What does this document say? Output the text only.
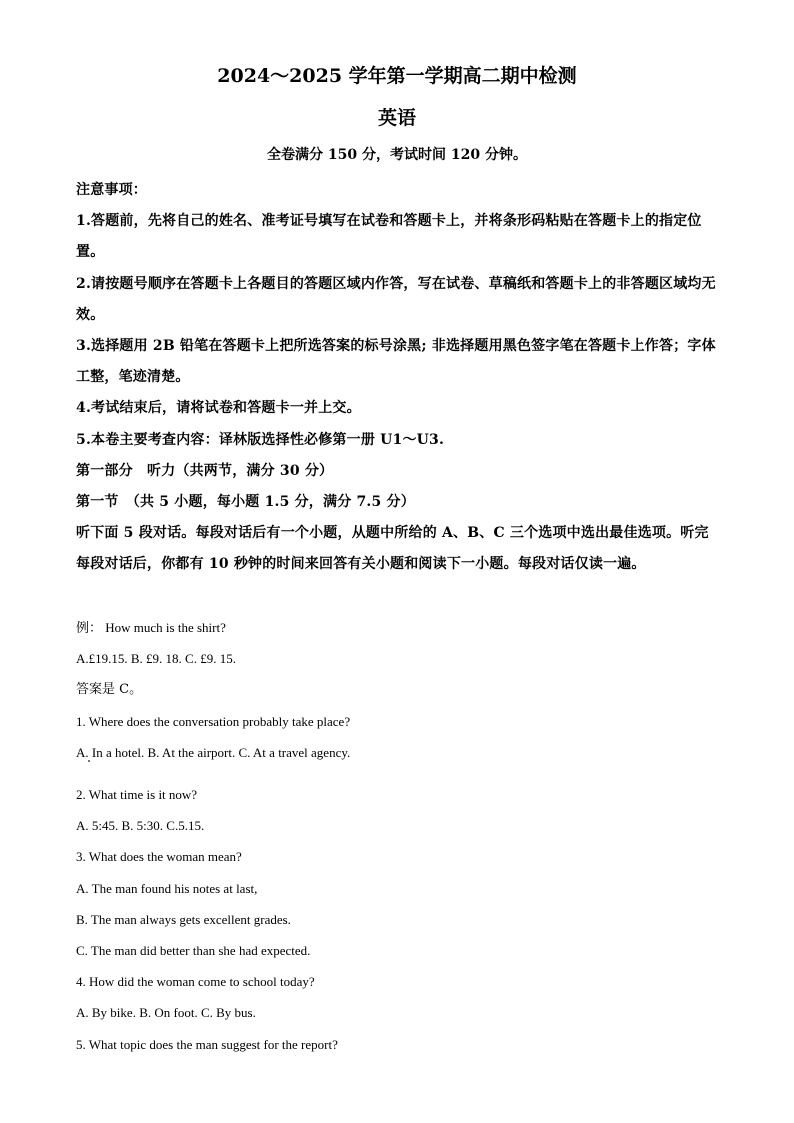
2024～2025 学年第一学期高二期中检测
英语
全卷满分 150 分，考试时间 120 分钟。

注意事项：

1.答题前，先将自己的姓名、准考证号填写在试卷和答题卡上，并将条形码粘贴在答题卡上的指定位置。

2.请按题号顺序在答题卡上各题目的答题区域内作答，写在试卷、草稿纸和答题卡上的非答题区域均无效。

3.选择题用 2B 铅笔在答题卡上把所选答案的标号涂黑; 非选择题用黑色签字笔在答题卡上作答；字体工整，笔迹清楚。

4.考试结束后，请将试卷和答题卡一并上交。

5.本卷主要考查内容：译林版选择性必修第一册 U1～U3.

第一部分　听力（共两节，满分 30 分）

第一节　（共 5 小题，每小题 1.5 分，满分 7.5 分）

听下面 5 段对话。每段对话后有一个小题，从题中所给的 A、B、C 三个选项中选出最佳选项。听完每段对话后，你都有 10 秒钟的时间来回答有关小题和阅读下一小题。每段对话仅读一遍。

例： How much is the shirt?

A.£19.15. B. £9. 18. C. £9. 15.

答案是 C。

1. Where does the conversation probably take place?

A. In a hotel. B. At the airport. C. At a travel agency.

2. What time is it now?

A. 5:45. B. 5:30. C.5.15.

3. What does the woman mean?

A. The man found his notes at last,

B. The man always gets excellent grades.

C. The man did better than she had expected.

4. How did the woman come to school today?

A. By bike. B. On foot. C. By bus.

5. What topic does the man suggest for the report?
